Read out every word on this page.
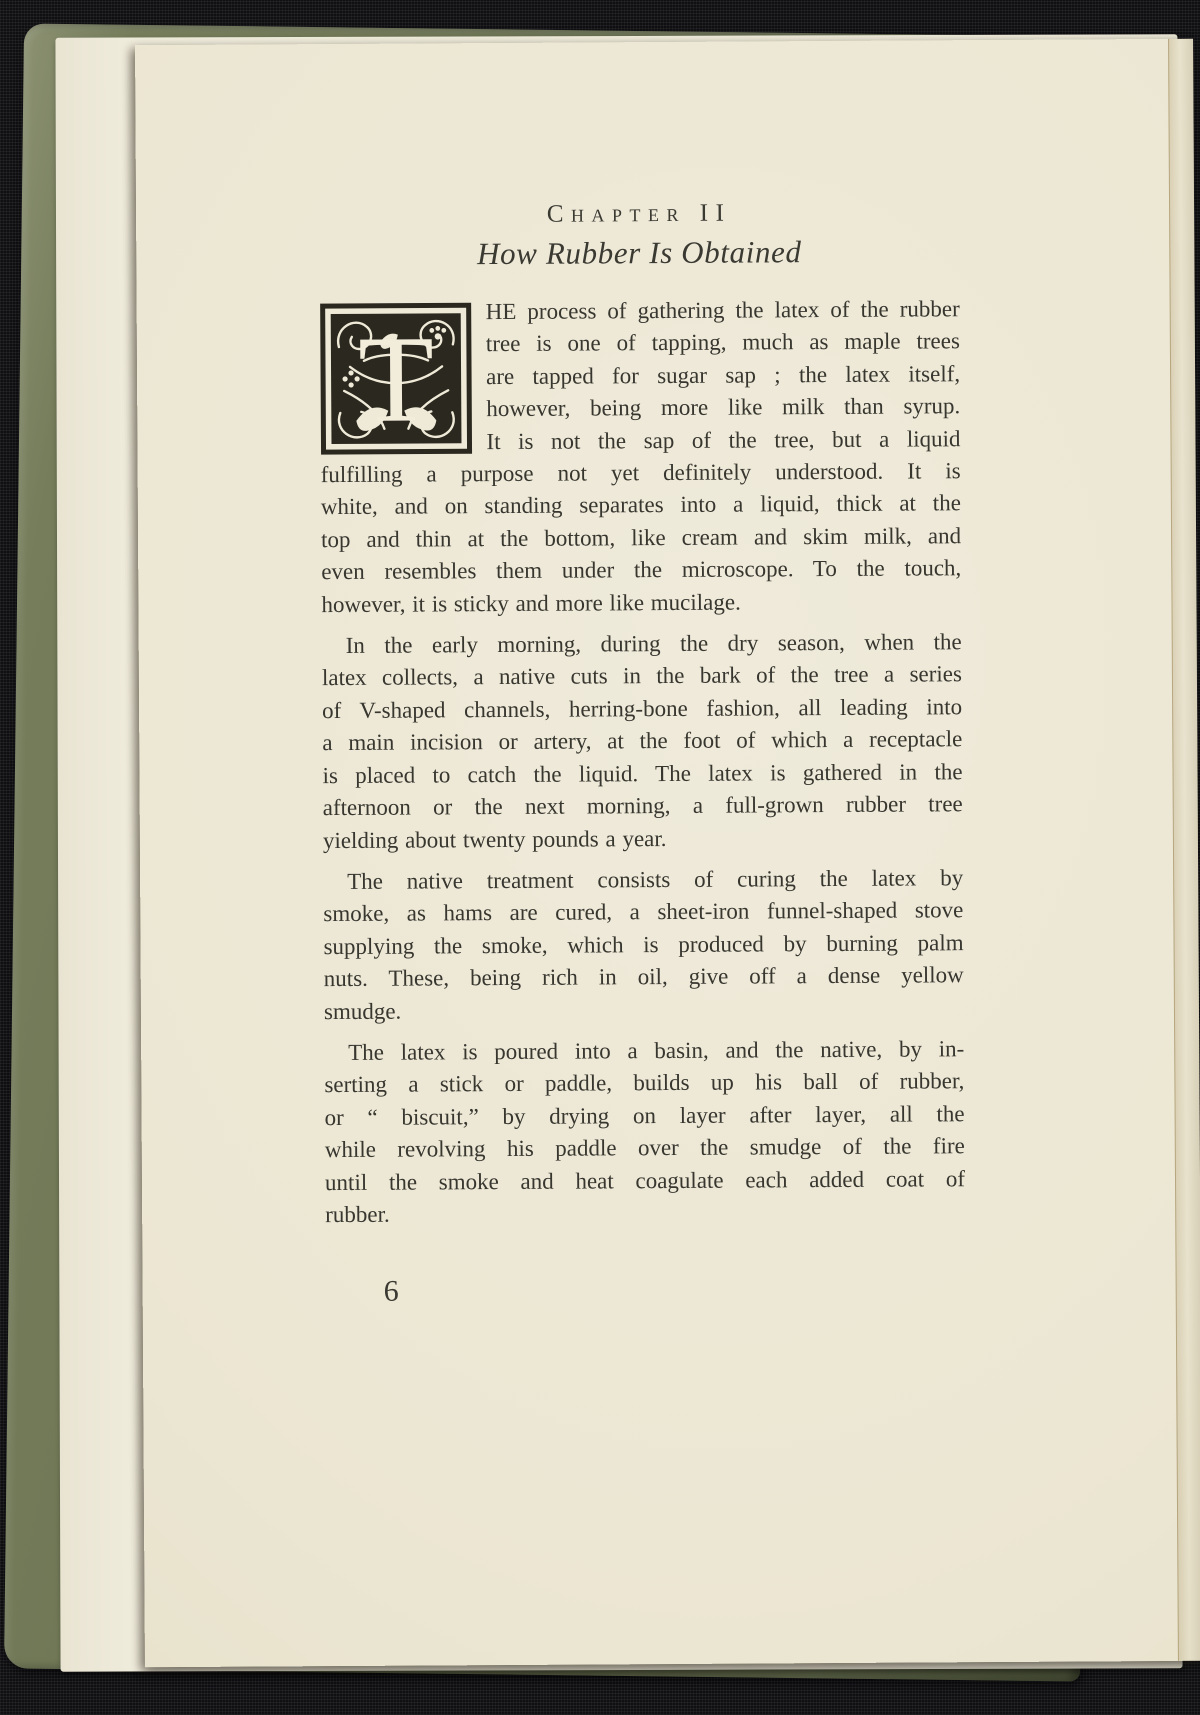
Chapter II
How Rubber Is Obtained
T
HE process of gathering the latex of the rubber
tree is one of tapping, much as maple trees
are tapped for sugar sap ; the latex itself,
however, being more like milk than syrup.
It is not the sap of the tree, but a liquid
fulfilling a purpose not yet definitely understood. It is
white, and on standing separates into a liquid, thick at the
top and thin at the bottom, like cream and skim milk, and
even resembles them under the microscope. To the touch,
however, it is sticky and more like mucilage.
In the early morning, during the dry season, when the
latex collects, a native cuts in the bark of the tree a series
of V-shaped channels, herring-bone fashion, all leading into
a main incision or artery, at the foot of which a receptacle
is placed to catch the liquid. The latex is gathered in the
afternoon or the next morning, a full-grown rubber tree
yielding about twenty pounds a year.
The native treatment consists of curing the latex by
smoke, as hams are cured, a sheet-iron funnel-shaped stove
supplying the smoke, which is produced by burning palm
nuts. These, being rich in oil, give off a dense yellow
smudge.
The latex is poured into a basin, and the native, by in-
serting a stick or paddle, builds up his ball of rubber,
or “ biscuit,” by drying on layer after layer, all the
while revolving his paddle over the smudge of the fire
until the smoke and heat coagulate each added coat of
rubber.
6
